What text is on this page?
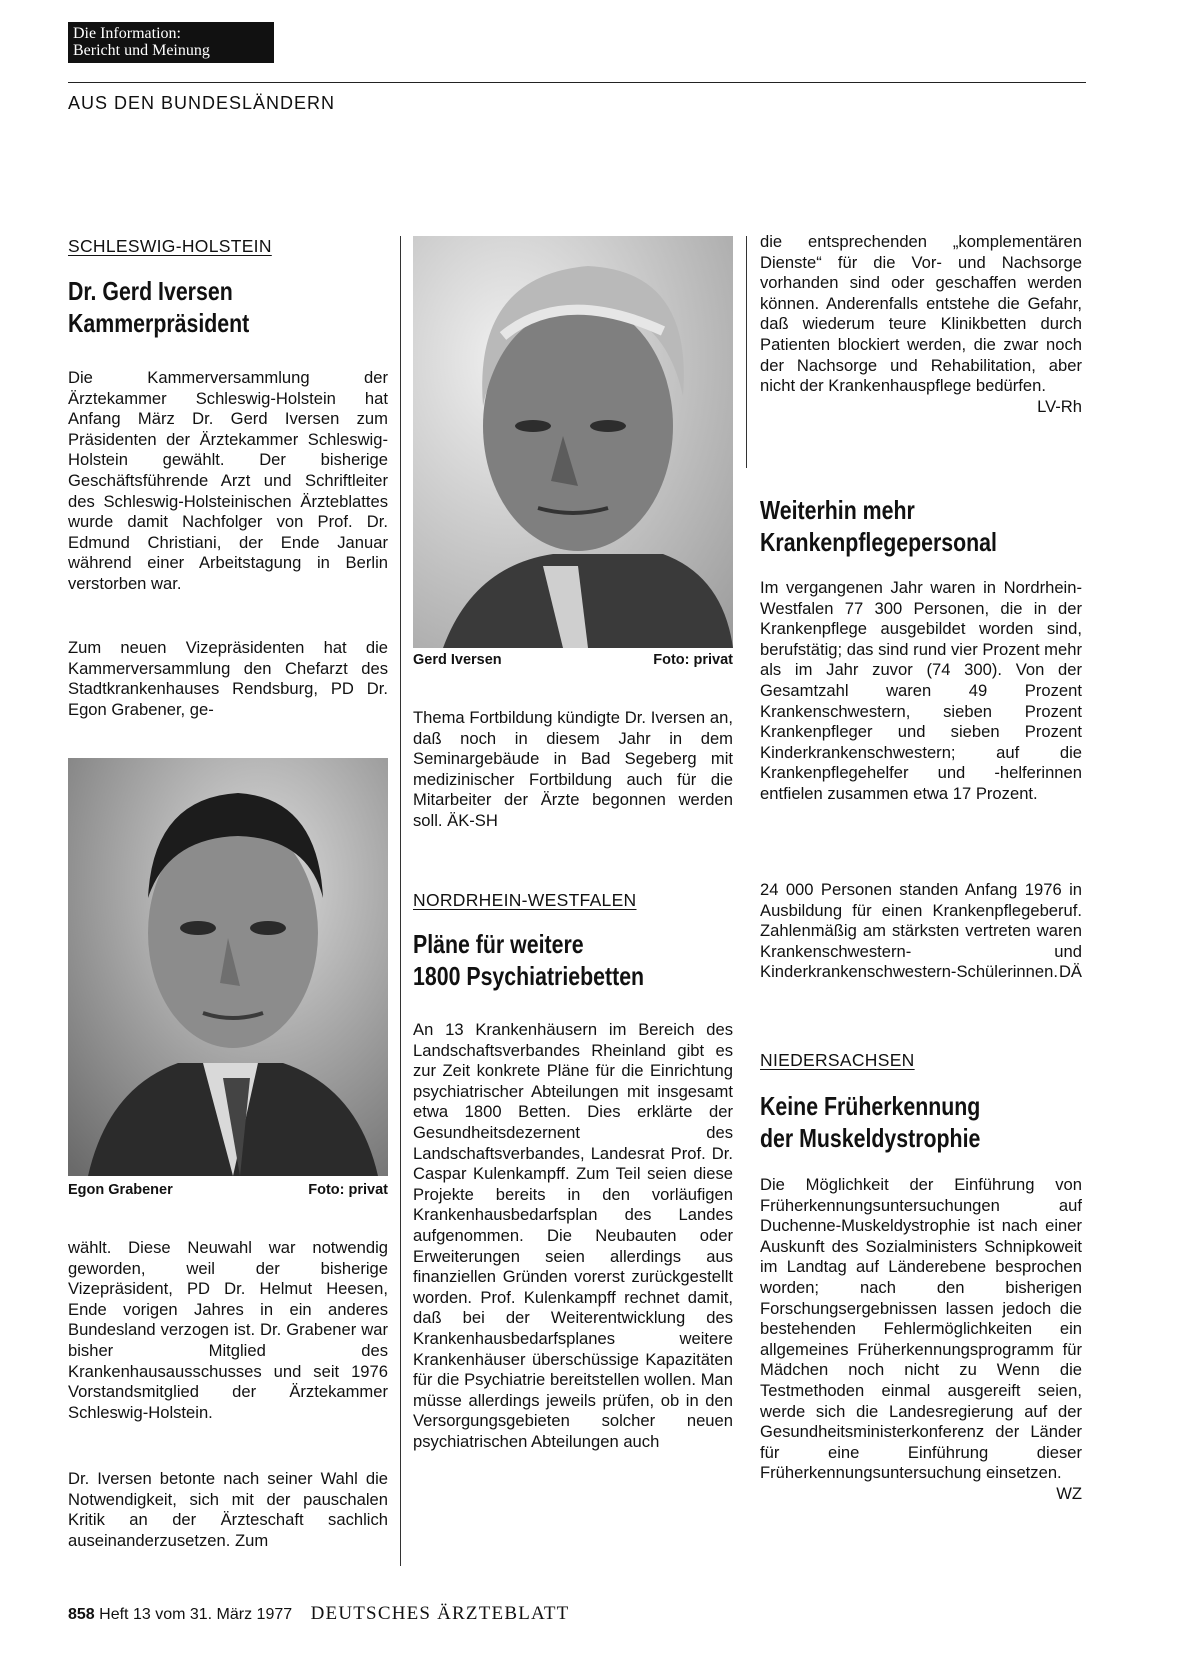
Die Information:
Bericht und Meinung
AUS DEN BUNDESLÄNDERN
SCHLESWIG-HOLSTEIN
Dr. Gerd Iversen
Kammerpräsident

Die Kammerversammlung der Ärztekammer Schleswig-Holstein hat Anfang März Dr. Gerd Iversen zum Präsidenten der Ärztekammer Schleswig-Holstein gewählt. Der bisherige Geschäftsführende Arzt und Schriftleiter des Schleswig-Holsteinischen Ärzteblattes wurde damit Nachfolger von Prof. Dr. Edmund Christiani, der Ende Januar während einer Arbeitstagung in Berlin verstorben war.

Zum neuen Vizepräsidenten hat die Kammerversammlung den Chefarzt des Stadtkrankenhauses Rendsburg, PD Dr. Egon Grabener, ge-

Egon Grabener	Foto: privat

wählt. Diese Neuwahl war notwendig geworden, weil der bisherige Vizepräsident, PD Dr. Helmut Heesen, Ende vorigen Jahres in ein anderes Bundesland verzogen ist. Dr. Grabener war bisher Mitglied des Krankenhausausschusses und seit 1976 Vorstandsmitglied der Ärztekammer Schleswig-Holstein.

Dr. Iversen betonte nach seiner Wahl die Notwendigkeit, sich mit der pauschalen Kritik an der Ärzteschaft sachlich auseinanderzusetzen. Zum

Gerd Iversen	Foto: privat

Thema Fortbildung kündigte Dr. Iversen an, daß noch in diesem Jahr in dem Seminargebäude in Bad Segeberg mit medizinischer Fortbildung auch für die Mitarbeiter der Ärzte begonnen werden soll. ÄK-SH

NORDRHEIN-WESTFALEN
Pläne für weitere
1800 Psychiatriebetten

An 13 Krankenhäusern im Bereich des Landschaftsverbandes Rheinland gibt es zur Zeit konkrete Pläne für die Einrichtung psychiatrischer Abteilungen mit insgesamt etwa 1800 Betten. Dies erklärte der Gesundheitsdezernent des Landschaftsverbandes, Landesrat Prof. Dr. Caspar Kulenkampff. Zum Teil seien diese Projekte bereits in den vorläufigen Krankenhausbedarfsplan des Landes aufgenommen. Die Neubauten oder Erweiterungen seien allerdings aus finanziellen Gründen vorerst zurückgestellt worden. Prof. Kulenkampff rechnet damit, daß bei der Weiterentwicklung des Krankenhausbedarfsplanes weitere Krankenhäuser überschüssige Kapazitäten für die Psychiatrie bereitstellen wollen. Man müsse allerdings jeweils prüfen, ob in den Versorgungsgebieten solcher neuen psychiatrischen Abteilungen auch

die entsprechenden „komplementären Dienste“ für die Vor- und Nachsorge vorhanden sind oder geschaffen werden können. Anderenfalls entstehe die Gefahr, daß wiederum teure Klinikbetten durch Patienten blockiert werden, die zwar noch der Nachsorge und Rehabilitation, aber nicht der Krankenhauspflege bedürfen.
LV-Rh

Weiterhin mehr
Krankenpflegepersonal

Im vergangenen Jahr waren in Nordrhein-Westfalen 77 300 Personen, die in der Krankenpflege ausgebildet worden sind, berufstätig; das sind rund vier Prozent mehr als im Jahr zuvor (74 300). Von der Gesamtzahl waren 49 Prozent Krankenschwestern, sieben Prozent Krankenpfleger und sieben Prozent Kinderkrankenschwestern; auf die Krankenpflegehelfer und -helferinnen entfielen zusammen etwa 17 Prozent.

24 000 Personen standen Anfang 1976 in Ausbildung für einen Krankenpflegeberuf. Zahlenmäßig am stärksten vertreten waren Krankenschwestern- und Kinderkrankenschwestern-Schülerinnen. DÄ

NIEDERSACHSEN
Keine Früherkennung
der Muskeldystrophie

Die Möglichkeit der Einführung von Früherkennungsuntersuchungen auf Duchenne-Muskeldystrophie ist nach einer Auskunft des Sozialministers Schnipkoweit im Landtag auf Länderebene besprochen worden; nach den bisherigen Forschungsergebnissen lassen jedoch die bestehenden Fehlermöglichkeiten ein allgemeines Früherkennungsprogramm für Mädchen noch nicht zu Wenn die Testmethoden einmal ausgereift seien, werde sich die Landesregierung auf der Gesundheitsministerkonferenz der Länder für eine Einführung dieser Früherkennungsuntersuchung einsetzen.
WZ

858 Heft 13 vom 31. März 1977 DEUTSCHES ÄRZTEBLATT
